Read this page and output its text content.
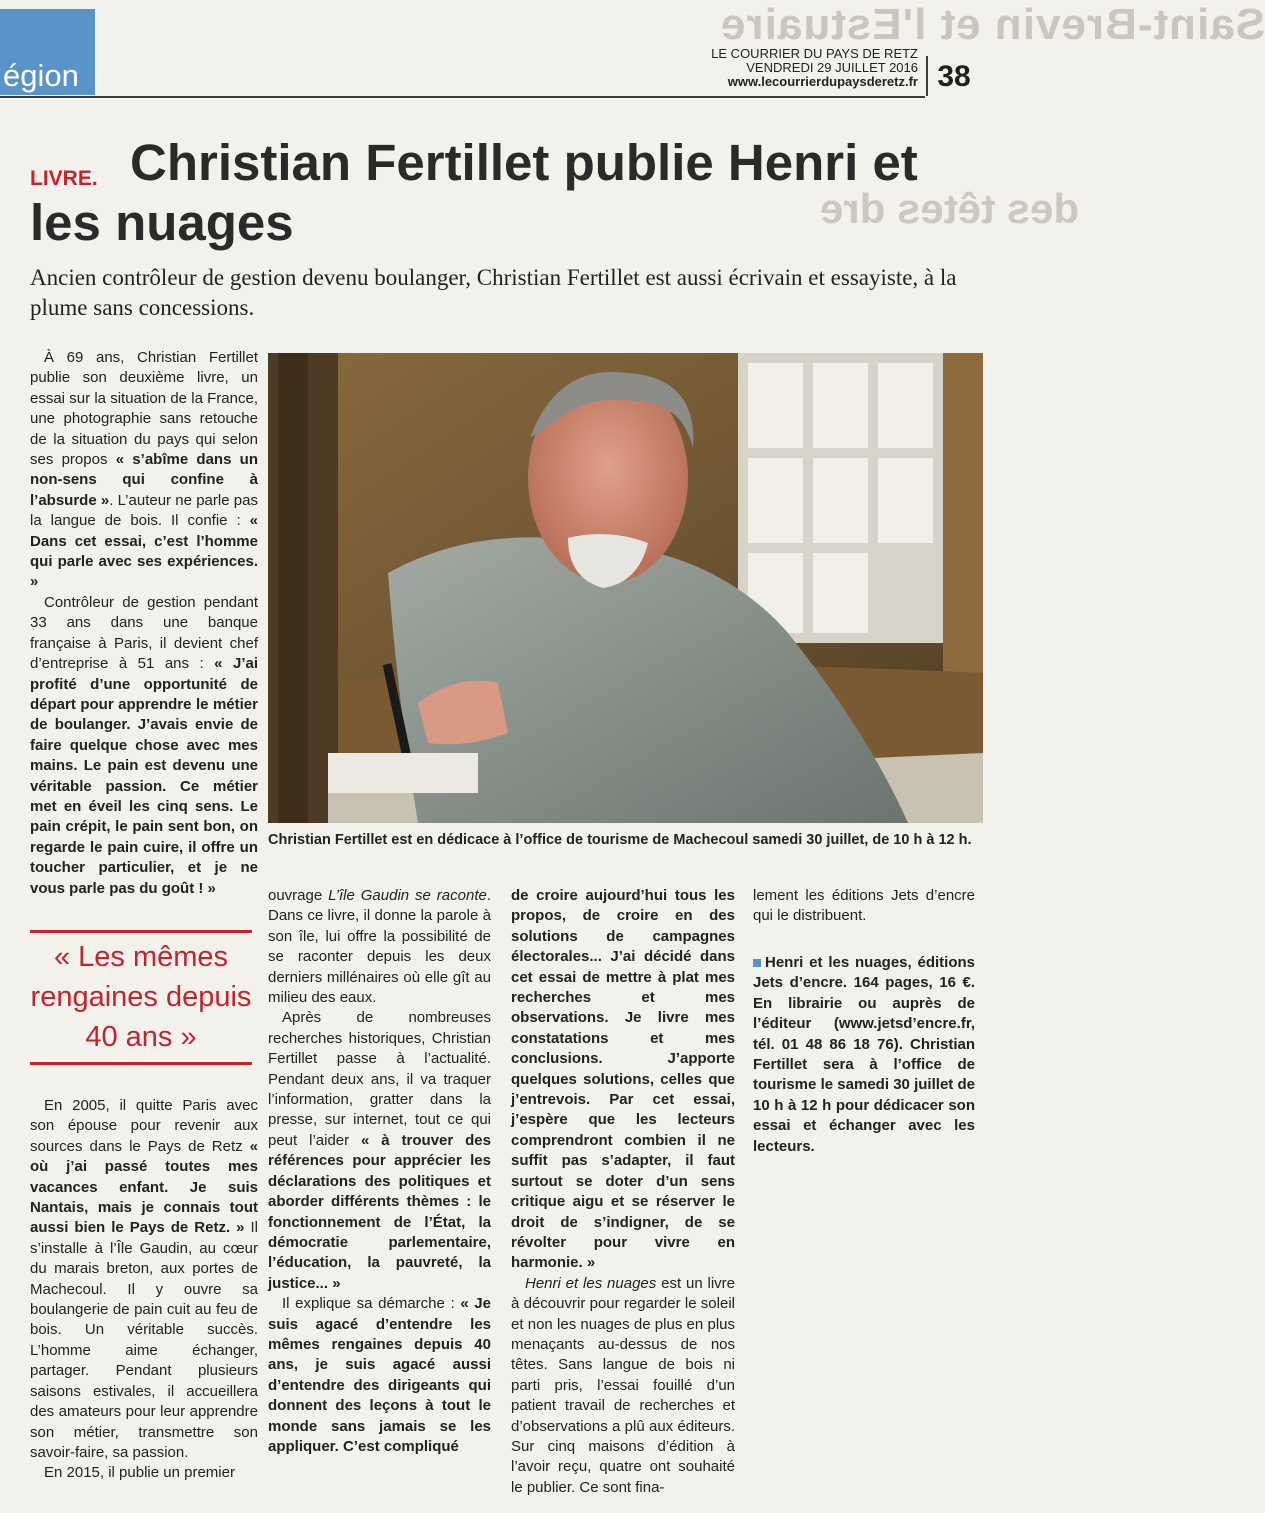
Saint-Brevin et l'Estuaire
égion
LE COURRIER DU PAYS DE RETZ
VENDREDI 29 JUILLET 2016
www.lecourrierdupaysderetz.fr 38
Christian Fertillet publie Henri et les nuages
LIVRE.
Ancien contrôleur de gestion devenu boulanger, Christian Fertillet est aussi écrivain et essayiste, à la plume sans concessions.
des têtes dre

À 69 ans, Christian Fertillet publie son deuxième livre, un essai sur la situation de la France, une photographie sans retouche de la situation du pays qui selon ses propos « s’abîme dans un non-sens qui confine à l’absurde ». L’auteur ne parle pas la langue de bois. Il confie : « Dans cet essai, c’est l’homme qui parle avec ses expériences. »

Contrôleur de gestion pendant 33 ans dans une banque française à Paris, il devient chef d’entreprise à 51 ans : « J’ai profité d’une opportunité de départ pour apprendre le métier de boulanger. J’avais envie de faire quelque chose avec mes mains. Le pain est devenu une véritable passion. Ce métier met en éveil les cinq sens. Le pain crépit, le pain sent bon, on regarde le pain cuire, il offre un toucher particulier, et je ne vous parle pas du goût ! »

« Les mêmes rengaines depuis 40 ans »

En 2005, il quitte Paris avec son épouse pour revenir aux sources dans le Pays de Retz « où j’ai passé toutes mes vacances enfant. Je suis Nantais, mais je connais tout aussi bien le Pays de Retz. » Il s’installe à l’Île Gaudin, au cœur du marais breton, aux portes de Machecoul. Il y ouvre sa boulangerie de pain cuit au feu de bois. Un véritable succès. L’homme aime échanger, partager. Pendant plusieurs saisons estivales, il accueillera des amateurs pour leur apprendre son métier, transmettre son savoir-faire, sa passion.

En 2015, il publie un premier

Christian Fertillet est en dédicace à l’office de tourisme de Machecoul samedi 30 juillet, de 10 h à 12 h.

ouvrage L’île Gaudin se raconte. Dans ce livre, il donne la parole à son île, lui offre la possibilité de se raconter depuis les deux derniers millénaires où elle gît au milieu des eaux.

Après de nombreuses recherches historiques, Christian Fertillet passe à l’actualité. Pendant deux ans, il va traquer l’information, gratter dans la presse, sur internet, tout ce qui peut l’aider « à trouver des références pour apprécier les déclarations des politiques et aborder différents thèmes : le fonctionnement de l’État, la démocratie parlementaire, l’éducation, la pauvreté, la justice... »

Il explique sa démarche : « Je suis agacé d’entendre les mêmes rengaines depuis 40 ans, je suis agacé aussi d’entendre des dirigeants qui donnent des leçons à tout le monde sans jamais se les appliquer. C’est compliqué

de croire aujourd’hui tous les propos, de croire en des solutions de campagnes électorales... J’ai décidé dans cet essai de mettre à plat mes recherches et mes observations. Je livre mes constatations et mes conclusions. J’apporte quelques solutions, celles que j’entrevois. Par cet essai, j’espère que les lecteurs comprendront combien il ne suffit pas s’adapter, il faut surtout se doter d’un sens critique aigu et se réserver le droit de s’indigner, de se révolter pour vivre en harmonie. »

Henri et les nuages est un livre à découvrir pour regarder le soleil et non les nuages de plus en plus menaçants au-dessus de nos têtes. Sans langue de bois ni parti pris, l’essai fouillé d’un patient travail de recherches et d’observations a plû aux éditeurs. Sur cinq maisons d’édition à l’avoir reçu, quatre ont souhaité le publier. Ce sont fina-

lement les éditions Jets d’encre qui le distribuent.

Henri et les nuages, éditions Jets d’encre. 164 pages, 16 €. En librairie ou auprès de l’éditeur (www.jetsd’encre.fr, tél. 01 48 86 18 76). Christian Fertillet sera à l’office de tourisme le samedi 30 juillet de 10 h à 12 h pour dédicacer son essai et échanger avec les lecteurs.
